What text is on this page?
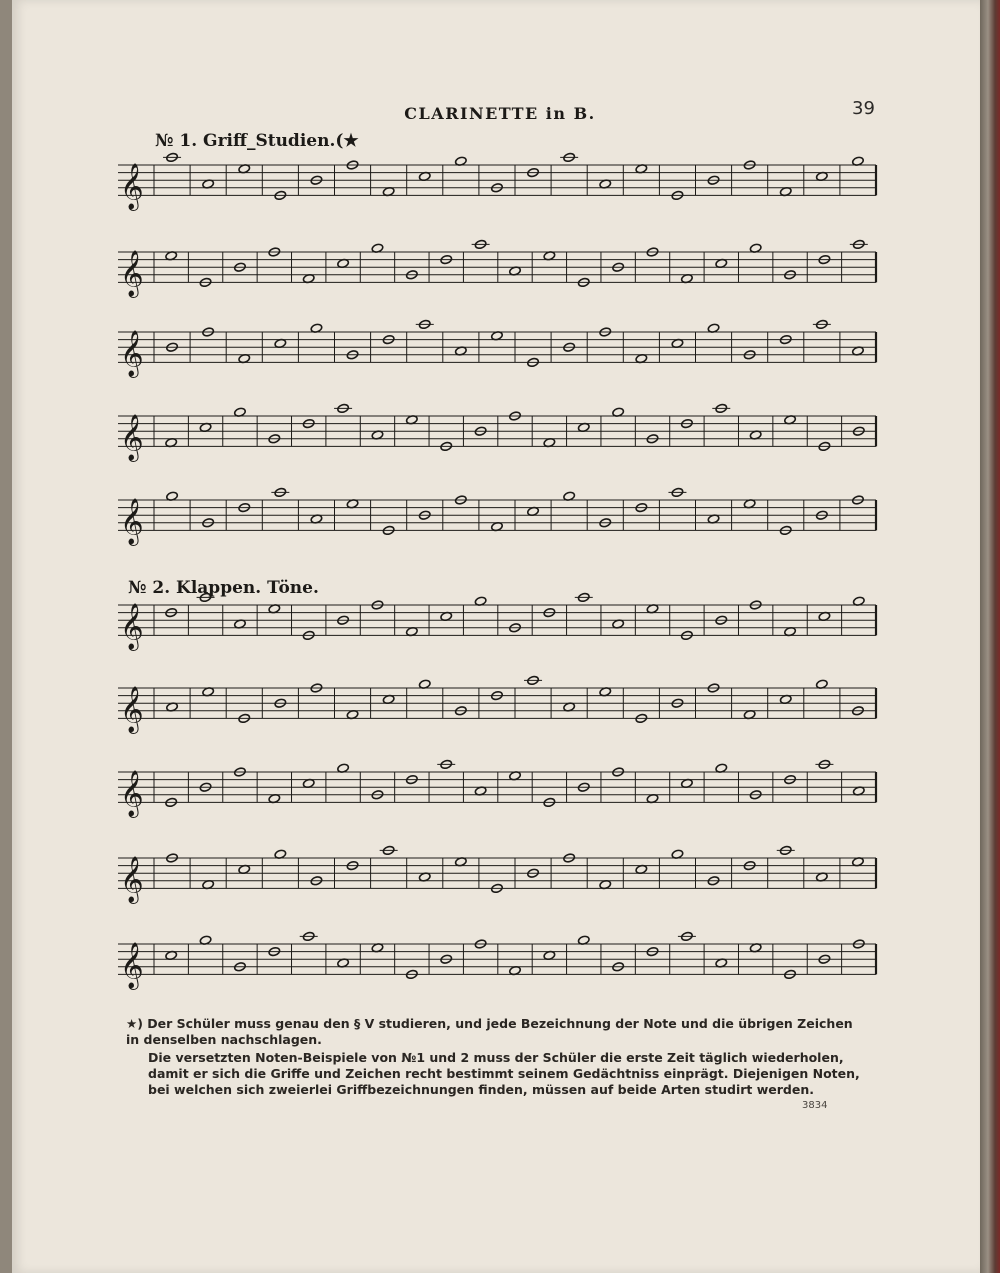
CLARINETTE in B.	39
№ 1. Griff_Studien.(★
№ 2. Klappen. Töne.
𝄞
𝄞
𝄞
𝄞
𝄞
𝄞
𝄞
𝄞
𝄞
𝄞
★) Der Schüler muss genau den § V studieren, und jede Bezeichnung der Note und die übrigen Zeichen in denselben nachschlagen.
Die versetzten Noten-Beispiele von №1 und 2 muss der Schüler die erste Zeit täglich wiederholen, damit er sich die Griffe und Zeichen recht bestimmt seinem Gedächtniss einprägt. Diejenigen Noten, bei welchen sich zweierlei Griffbezeichnungen finden, müssen auf beide Arten studirt werden.
3834
